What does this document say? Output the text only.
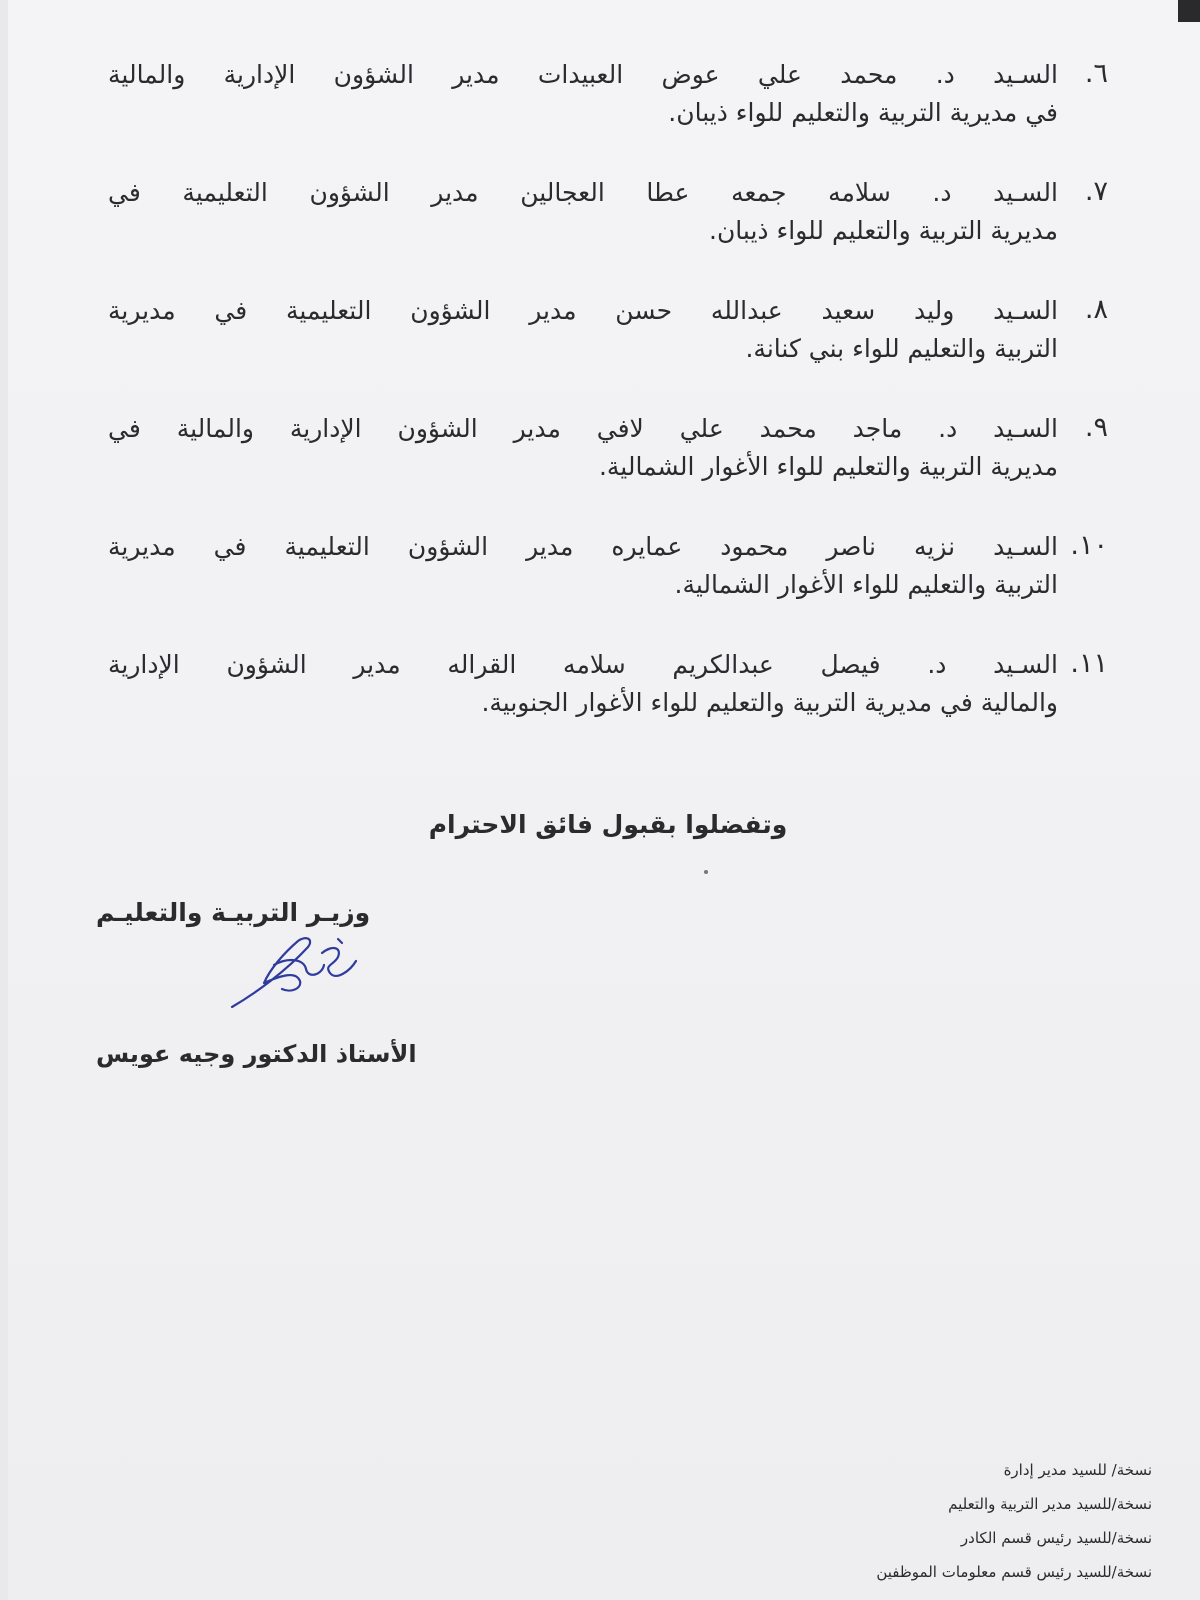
٦.
السـيد د. محمد علي عوض العبيدات مدير الشؤون الإدارية والمالية
في مديرية التربية والتعليم للواء ذيبان.
٧.
السـيد د. سلامه جمعه عطا العجالين مدير الشؤون التعليمية في
مديرية التربية والتعليم للواء ذيبان.
٨.
السـيد وليد سعيد عبدالله حسن مدير الشؤون التعليمية في مديرية
التربية والتعليم للواء بني كنانة.
٩.
السـيد د. ماجد محمد علي لافي مدير الشؤون الإدارية والمالية في
مديرية التربية والتعليم للواء الأغوار الشمالية.
١٠.
السـيد نزيه ناصر محمود عمايره مدير الشؤون التعليمية في مديرية
التربية والتعليم للواء الأغوار الشمالية.
١١.
السـيد د. فيصل عبدالكريم سلامه القراله مدير الشؤون الإدارية
والمالية في مديرية التربية والتعليم للواء الأغوار الجنوبية.
وتفضلوا بقبول فائق الاحترام
وزيـر التربيـة والتعليـم
الأستاذ الدكتور وجيه عويس
نسخة/ للسيد مدير إدارة
نسخة/للسيد مدير التربية والتعليم
نسخة/للسيد رئيس قسم الكادر
نسخة/للسيد رئيس قسم معلومات الموظفين
